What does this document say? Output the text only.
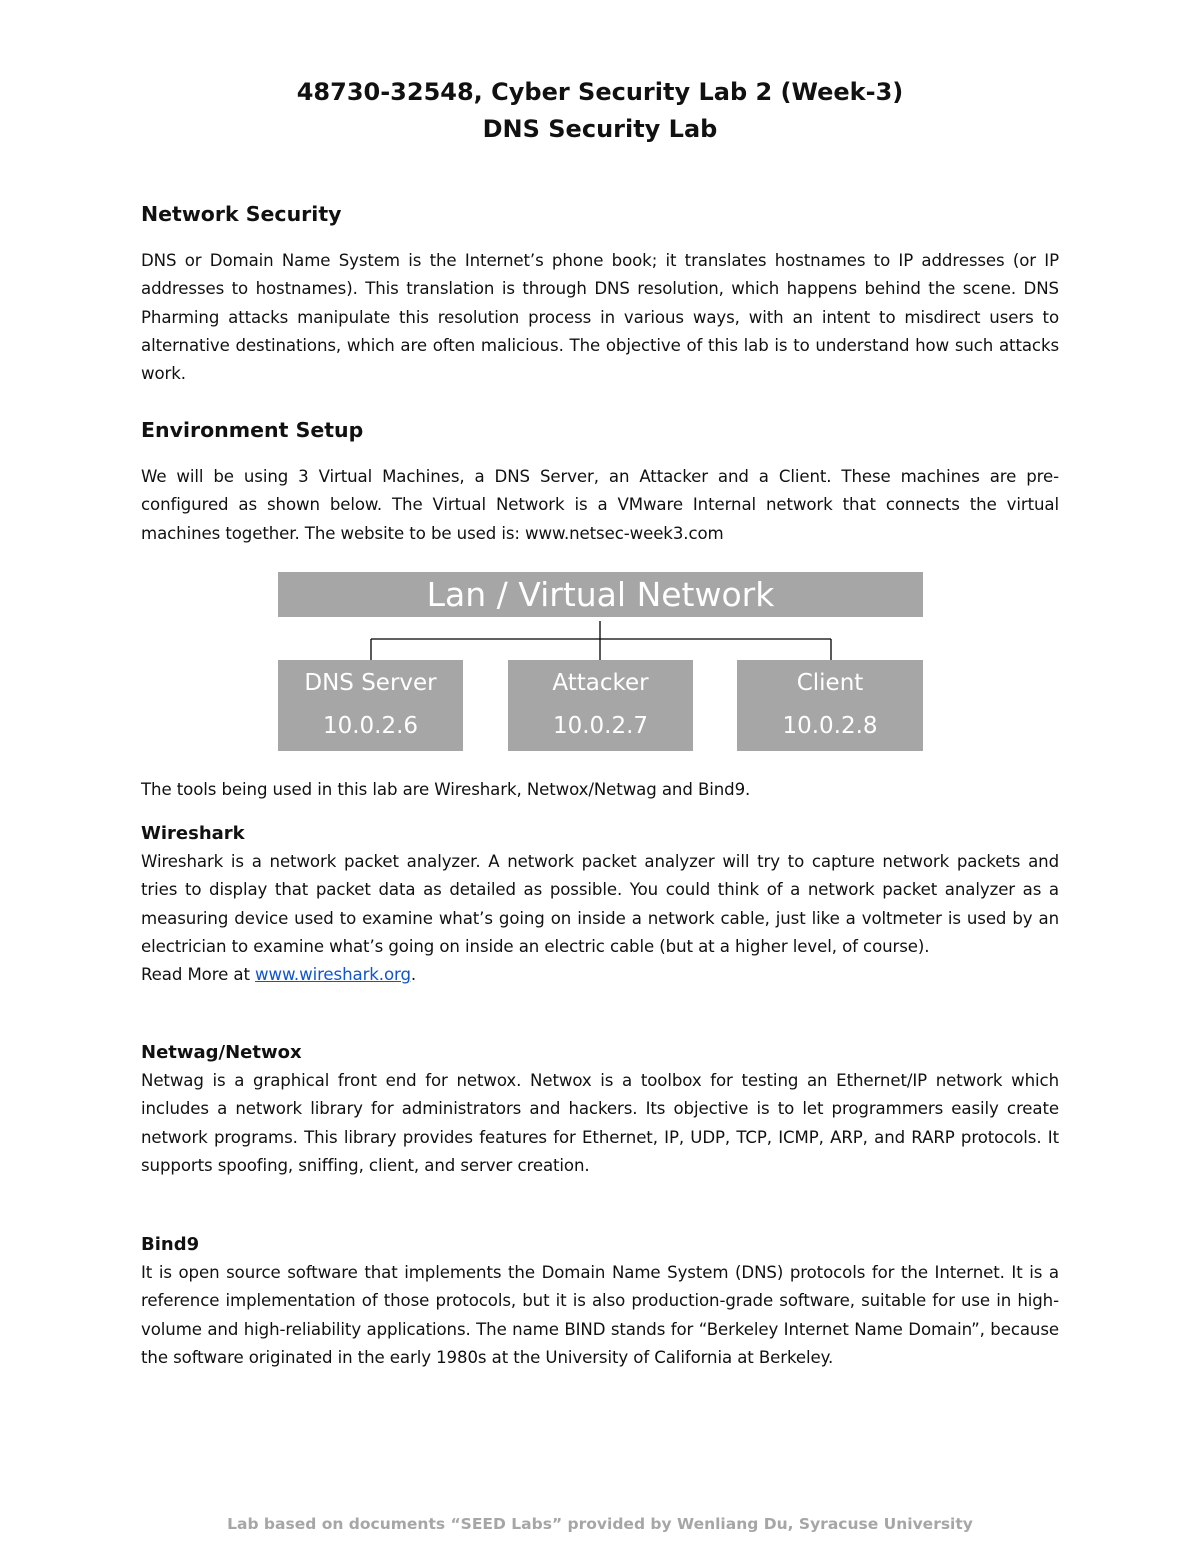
48730-32548, Cyber Security Lab 2 (Week-3)
DNS Security Lab
Network Security
DNS or Domain Name System is the Internet’s phone book; it translates hostnames to IP addresses (or IP addresses to hostnames). This translation is through DNS resolution, which happens behind the scene. DNS Pharming attacks manipulate this resolution process in various ways, with an intent to misdirect users to alternative destinations, which are often malicious. The objective of this lab is to understand how such attacks work.
Environment Setup
We will be using 3 Virtual Machines, a DNS Server, an Attacker and a Client. These machines are pre-configured as shown below. The Virtual Network is a VMware Internal network that connects the virtual machines together. The website to be used is: www.netsec-week3.com
Lan / Virtual Network
DNS Server
10.0.2.6
Attacker
10.0.2.7
Client
10.0.2.8
The tools being used in this lab are Wireshark, Netwox/Netwag and Bind9.
Wireshark
Wireshark is a network packet analyzer. A network packet analyzer will try to capture network packets and tries to display that packet data as detailed as possible. You could think of a network packet analyzer as a measuring device used to examine what’s going on inside a network cable, just like a voltmeter is used by an electrician to examine what’s going on inside an electric cable (but at a higher level, of course).
Read More at www.wireshark.org.
Netwag/Netwox
Netwag is a graphical front end for netwox. Netwox is a toolbox for testing an Ethernet/IP network which includes a network library for administrators and hackers. Its objective is to let programmers easily create network programs. This library provides features for Ethernet, IP, UDP, TCP, ICMP, ARP, and RARP protocols. It supports spoofing, sniffing, client, and server creation.
Bind9
It is open source software that implements the Domain Name System (DNS) protocols for the Internet. It is a reference implementation of those protocols, but it is also production-grade software, suitable for use in high-volume and high-reliability applications. The name BIND stands for “Berkeley Internet Name Domain”, because the software originated in the early 1980s at the University of California at Berkeley.
Lab based on documents “SEED Labs” provided by Wenliang Du, Syracuse University
